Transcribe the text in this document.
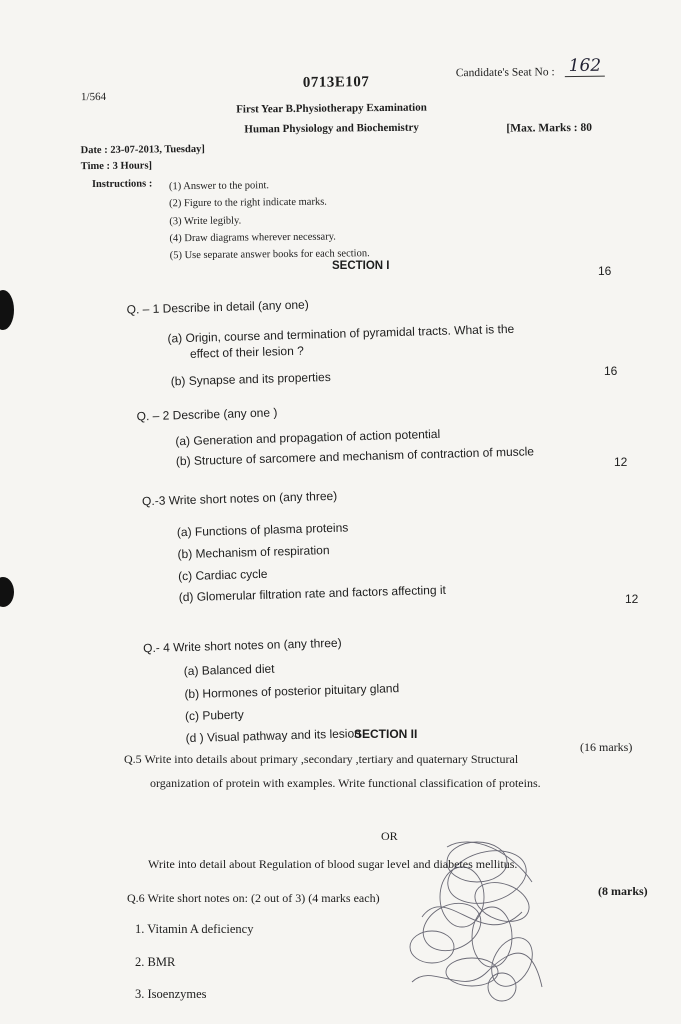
1/564
0713E107
Candidate's Seat No : 162
First Year B.Physiotherapy Examination
Human Physiology and Biochemistry	[Max. Marks : 80
Date : 23-07-2013, Tuesday]
Time : 3 Hours]
Instructions : (1) Answer to the point.
(2) Figure to the right indicate marks.
(3) Write legibly.
(4) Draw diagrams wherever necessary.
(5) Use separate answer books for each section.
SECTION I	16
Q. – 1 Describe in detail (any one)
(a) Origin, course and termination of pyramidal tracts. What is the
effect of their lesion ?
(b) Synapse and its properties
Q. – 2 Describe (any one )
(a) Generation and propagation of action potential
(b) Structure of sarcomere and mechanism of contraction of muscle
Q.-3 Write short notes on (any three)
(a) Functions of plasma proteins
(b) Mechanism of respiration
(c) Cardiac cycle
(d) Glomerular filtration rate and factors affecting it
Q.- 4 Write short notes on (any three)
(a) Balanced diet
(b) Hormones of posterior pituitary gland
(c) Puberty
(d ) Visual pathway and its lesion
16
12
12
SECTION II
Q.5 Write into details about primary ,secondary ,tertiary and quaternary Structural
(16 marks)
organization of protein with examples. Write functional classification of proteins.
OR
Write into detail about Regulation of blood sugar level and diabetes mellitus.
Q.6 Write short notes on: (2 out of 3) (4 marks each)	(8 marks)
1. Vitamin A deficiency
2. BMR
3. Isoenzymes
